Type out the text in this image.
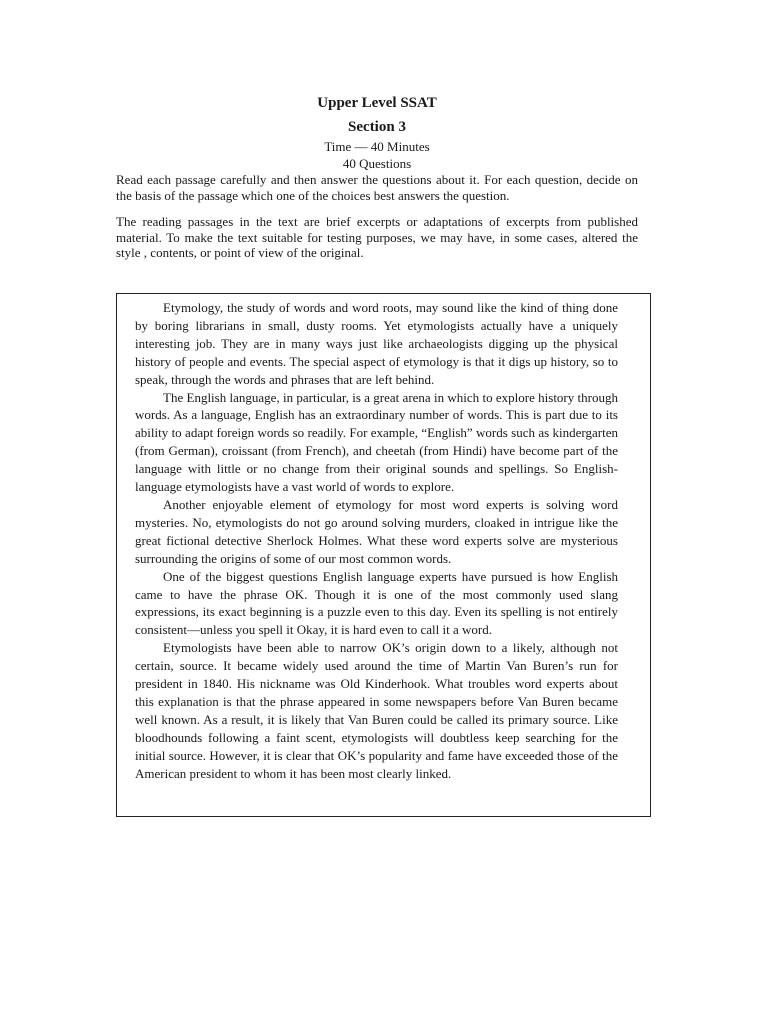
Upper Level SSAT
Section 3
Time — 40 Minutes
40 Questions

Read each passage carefully and then answer the questions about it. For each question, decide on the basis of the passage which one of the choices best answers the question.

The reading passages in the text are brief excerpts or adaptations of excerpts from published material. To make the text suitable for testing purposes, we may have, in some cases, altered the style , contents, or point of view of the original.

Etymology, the study of words and word roots, may sound like the kind of thing done by boring librarians in small, dusty rooms. Yet etymologists actually have a uniquely interesting job. They are in many ways just like archaeologists digging up the physical history of people and events. The special aspect of etymology is that it digs up history, so to speak, through the words and phrases that are left behind.

The English language, in particular, is a great arena in which to explore history through words. As a language, English has an extraordinary number of words. This is part due to its ability to adapt foreign words so readily. For example, “English” words such as kindergarten (from German), croissant (from French), and cheetah (from Hindi) have become part of the language with little or no change from their original sounds and spellings. So English-language etymologists have a vast world of words to explore.

Another enjoyable element of etymology for most word experts is solving word mysteries. No, etymologists do not go around solving murders, cloaked in intrigue like the great fictional detective Sherlock Holmes. What these word experts solve are mysterious surrounding the origins of some of our most common words.

One of the biggest questions English language experts have pursued is how English came to have the phrase OK. Though it is one of the most commonly used slang expressions, its exact beginning is a puzzle even to this day. Even its spelling is not entirely consistent—unless you spell it Okay, it is hard even to call it a word.

Etymologists have been able to narrow OK’s origin down to a likely, although not certain, source. It became widely used around the time of Martin Van Buren’s run for president in 1840. His nickname was Old Kinderhook. What troubles word experts about this explanation is that the phrase appeared in some newspapers before Van Buren became well known. As a result, it is likely that Van Buren could be called its primary source. Like bloodhounds following a faint scent, etymologists will doubtless keep searching for the initial source. However, it is clear that OK’s popularity and fame have exceeded those of the American president to whom it has been most clearly linked.
